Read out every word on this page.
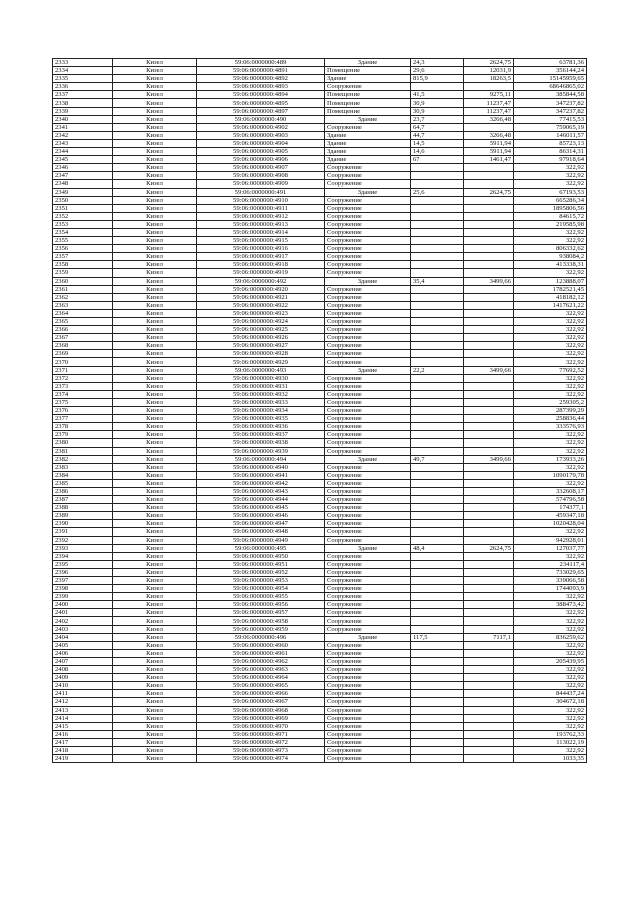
2333	Кизел	59:06:0000000:489	Здание	24,3	2624,75	63781,36
2334	Кизел	59:06:0000000:4891	Помещение	29,6	12031,9	356144,24
2335	Кизел	59:06:0000000:4892	Здание	815,9	18263,5	15145959,65
2336	Кизел	59:06:0000000:4893	Сооружение			68646865,02
2337	Кизел	59:06:0000000:4894	Помещение	41,5	9275,11	385844,58
2338	Кизел	59:06:0000000:4895	Помещение	30,9	11237,47	347237,82
2339	Кизел	59:06:0000000:4897	Помещение	30,9	11237,47	347237,82
2340	Кизел	59:06:0000000:490	Здание	23,7	3266,48	77415,53
2341	Кизел	59:06:0000000:4902	Сооружение	64,7		759065,19
2342	Кизел	59:06:0000000:4903	Здание	44,7	3266,48	146011,57
2343	Кизел	59:06:0000000:4904	Здание	14,5	5911,94	85723,13
2344	Кизел	59:06:0000000:4905	Здание	14,6	5911,94	86314,31
2345	Кизел	59:06:0000000:4906	Здание	67	1461,47	97918,64
2346	Кизел	59:06:0000000:4907	Сооружение			322,92
2347	Кизел	59:06:0000000:4908	Сооружение			322,92
2348	Кизел	59:06:0000000:4909	Сооружение			322,92
2349	Кизел	59:06:0000000:491	Здание	25,6	2624,75	67193,53
2350	Кизел	59:06:0000000:4910	Сооружение			665286,34
2351	Кизел	59:06:0000000:4911	Сооружение			1895806,56
2352	Кизел	59:06:0000000:4912	Сооружение			84615,72
2353	Кизел	59:06:0000000:4913	Сооружение			219585,98
2354	Кизел	59:06:0000000:4914	Сооружение			322,92
2355	Кизел	59:06:0000000:4915	Сооружение			322,92
2356	Кизел	59:06:0000000:4916	Сооружение			806332,62
2357	Кизел	59:06:0000000:4917	Сооружение			938084,2
2358	Кизел	59:06:0000000:4918	Сооружение			413338,31
2359	Кизел	59:06:0000000:4919	Сооружение			322,92
2360	Кизел	59:06:0000000:492	Здание	35,4	3499,66	123888,07
2361	Кизел	59:06:0000000:4920	Сооружение			1782521,45
2362	Кизел	59:06:0000000:4921	Сооружение			418182,12
2363	Кизел	59:06:0000000:4922	Сооружение			1417621,22
2364	Кизел	59:06:0000000:4923	Сооружение			322,92
2365	Кизел	59:06:0000000:4924	Сооружение			322,92
2366	Кизел	59:06:0000000:4925	Сооружение			322,92
2367	Кизел	59:06:0000000:4926	Сооружение			322,92
2368	Кизел	59:06:0000000:4927	Сооружение			322,92
2369	Кизел	59:06:0000000:4928	Сооружение			322,92
2370	Кизел	59:06:0000000:4929	Сооружение			322,92
2371	Кизел	59:06:0000000:493	Здание	22,2	3499,66	77692,52
2372	Кизел	59:06:0000000:4930	Сооружение			322,92
2373	Кизел	59:06:0000000:4931	Сооружение			322,92
2374	Кизел	59:06:0000000:4932	Сооружение			322,92
2375	Кизел	59:06:0000000:4933	Сооружение			259305,2
2376	Кизел	59:06:0000000:4934	Сооружение			287399,29
2377	Кизел	59:06:0000000:4935	Сооружение			258836,44
2378	Кизел	59:06:0000000:4936	Сооружение			333576,93
2379	Кизел	59:06:0000000:4937	Сооружение			322,92
2380	Кизел	59:06:0000000:4938	Сооружение			322,92
2381	Кизел	59:06:0000000:4939	Сооружение			322,92
2382	Кизел	59:06:0000000:494	Здание	49,7	3499,66	173933,26
2383	Кизел	59:06:0000000:4940	Сооружение			322,92
2384	Кизел	59:06:0000000:4941	Сооружение			1090179,78
2385	Кизел	59:06:0000000:4942	Сооружение			322,92
2386	Кизел	59:06:0000000:4943	Сооружение			332608,17
2387	Кизел	59:06:0000000:4944	Сооружение			574796,58
2388	Кизел	59:06:0000000:4945	Сооружение			174377,1
2389	Кизел	59:06:0000000:4946	Сооружение			459347,18
2390	Кизел	59:06:0000000:4947	Сооружение			1020428,04
2391	Кизел	59:06:0000000:4948	Сооружение			322,92
2392	Кизел	59:06:0000000:4949	Сооружение			942928,01
2393	Кизел	59:06:0000000:495	Здание	48,4	2624,75	127037,77
2394	Кизел	59:06:0000000:4950	Сооружение			322,92
2395	Кизел	59:06:0000000:4951	Сооружение			234117,4
2396	Кизел	59:06:0000000:4952	Сооружение			733029,65
2397	Кизел	59:06:0000000:4953	Сооружение			339066,58
2398	Кизел	59:06:0000000:4954	Сооружение			1744093,9
2399	Кизел	59:06:0000000:4955	Сооружение			322,92
2400	Кизел	59:06:0000000:4956	Сооружение			388473,42
2401	Кизел	59:06:0000000:4957	Сооружение			322,92
2402	Кизел	59:06:0000000:4958	Сооружение			322,92
2403	Кизел	59:06:0000000:4959	Сооружение			322,92
2404	Кизел	59:06:0000000:496	Здание	117,5	7117,1	836259,62
2405	Кизел	59:06:0000000:4960	Сооружение			322,92
2406	Кизел	59:06:0000000:4961	Сооружение			322,92
2407	Кизел	59:06:0000000:4962	Сооружение			205439,95
2408	Кизел	59:06:0000000:4963	Сооружение			322,92
2409	Кизел	59:06:0000000:4964	Сооружение			322,92
2410	Кизел	59:06:0000000:4965	Сооружение			322,92
2411	Кизел	59:06:0000000:4966	Сооружение			844437,24
2412	Кизел	59:06:0000000:4967	Сооружение			304672,18
2413	Кизел	59:06:0000000:4968	Сооружение			322,92
2414	Кизел	59:06:0000000:4969	Сооружение			322,92
2415	Кизел	59:06:0000000:4970	Сооружение			322,92
2416	Кизел	59:06:0000000:4971	Сооружение			193762,33
2417	Кизел	59:06:0000000:4972	Сооружение			113022,19
2418	Кизел	59:06:0000000:4973	Сооружение			322,92
2419	Кизел	59:06:0000000:4974	Сооружение			1033,35
